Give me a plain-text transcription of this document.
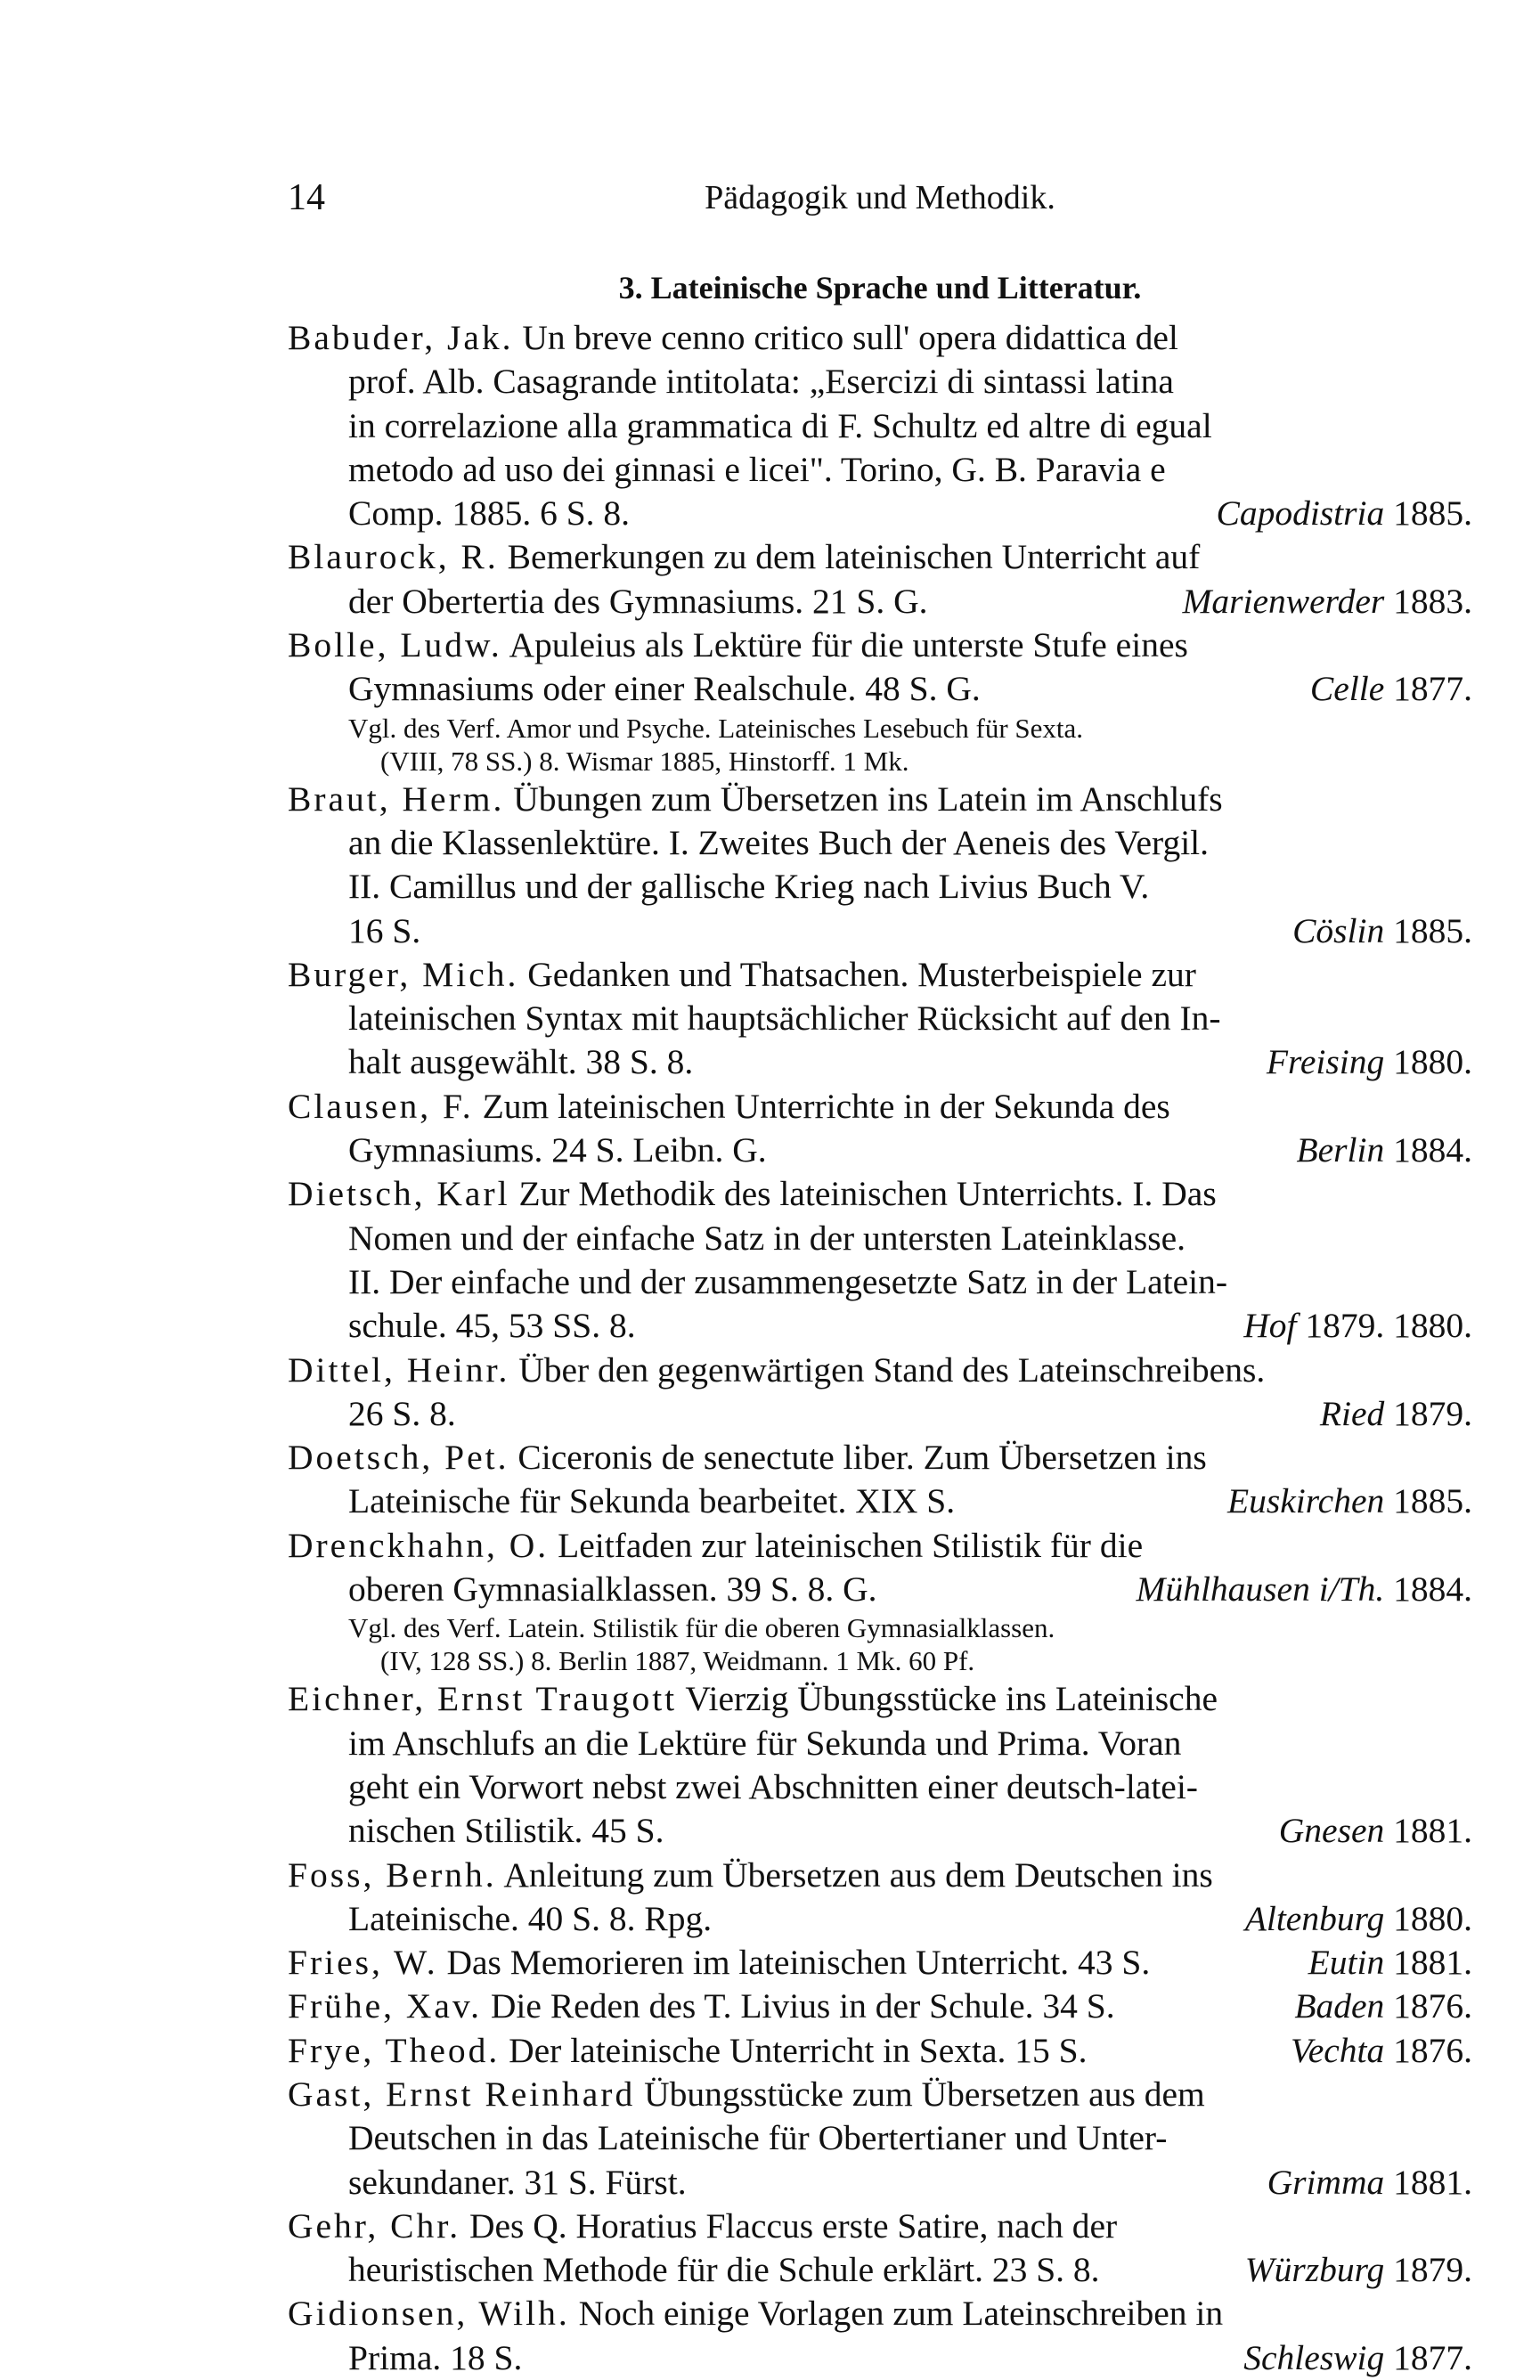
14	Pädagogik und Methodik.
3. Lateinische Sprache und Litteratur.
Babuder, Jak. Un breve cenno critico sull' opera didattica del
prof. Alb. Casagrande intitolata: „Esercizi di sintassi latina
in correlazione alla grammatica di F. Schultz ed altre di egual
metodo ad uso dei ginnasi e licei". Torino, G. B. Paravia e
Comp. 1885. 6 S. 8.	Capodistria 1885.
Blaurock, R. Bemerkungen zu dem lateinischen Unterricht auf
der Obertertia des Gymnasiums. 21 S. G.	Marienwerder 1883.
Bolle, Ludw. Apuleius als Lektüre für die unterste Stufe eines
Gymnasiums oder einer Realschule. 48 S. G.	Celle 1877.
Vgl. des Verf. Amor und Psyche. Lateinisches Lesebuch für Sexta.
(VIII, 78 SS.) 8. Wismar 1885, Hinstorff. 1 Mk.
Braut, Herm. Übungen zum Übersetzen ins Latein im Anschlufs
an die Klassenlektüre. I. Zweites Buch der Aeneis des Vergil.
II. Camillus und der gallische Krieg nach Livius Buch V.
16 S.	Cöslin 1885.
Burger, Mich. Gedanken und Thatsachen. Musterbeispiele zur
lateinischen Syntax mit hauptsächlicher Rücksicht auf den In-
halt ausgewählt. 38 S. 8.	Freising 1880.
Clausen, F. Zum lateinischen Unterrichte in der Sekunda des
Gymnasiums. 24 S. Leibn. G.	Berlin 1884.
Dietsch, Karl Zur Methodik des lateinischen Unterrichts. I. Das
Nomen und der einfache Satz in der untersten Lateinklasse.
II. Der einfache und der zusammengesetzte Satz in der Latein-
schule. 45, 53 SS. 8.	Hof 1879. 1880.
Dittel, Heinr. Über den gegenwärtigen Stand des Lateinschreibens.
26 S. 8.	Ried 1879.
Doetsch, Pet. Ciceronis de senectute liber. Zum Übersetzen ins
Lateinische für Sekunda bearbeitet. XIX S.	Euskirchen 1885.
Drenckhahn, O. Leitfaden zur lateinischen Stilistik für die
oberen Gymnasialklassen. 39 S. 8. G.	Mühlhausen i/Th. 1884.
Vgl. des Verf. Latein. Stilistik für die oberen Gymnasialklassen.
(IV, 128 SS.) 8. Berlin 1887, Weidmann. 1 Mk. 60 Pf.
Eichner, Ernst Traugott Vierzig Übungsstücke ins Lateinische
im Anschlufs an die Lektüre für Sekunda und Prima. Voran
geht ein Vorwort nebst zwei Abschnitten einer deutsch-latei-
nischen Stilistik. 45 S.	Gnesen 1881.
Foss, Bernh. Anleitung zum Übersetzen aus dem Deutschen ins
Lateinische. 40 S. 8. Rpg.	Altenburg 1880.
Fries, W. Das Memorieren im lateinischen Unterricht. 43 S.	Eutin 1881.
Frühe, Xav. Die Reden des T. Livius in der Schule. 34 S.	Baden 1876.
Frye, Theod. Der lateinische Unterricht in Sexta. 15 S.	Vechta 1876.
Gast, Ernst Reinhard Übungsstücke zum Übersetzen aus dem
Deutschen in das Lateinische für Obertertianer und Unter-
sekundaner. 31 S. Fürst.	Grimma 1881.
Gehr, Chr. Des Q. Horatius Flaccus erste Satire, nach der
heuristischen Methode für die Schule erklärt. 23 S. 8.	Würzburg 1879.
Gidionsen, Wilh. Noch einige Vorlagen zum Lateinschreiben in
Prima. 18 S.	Schleswig 1877.
